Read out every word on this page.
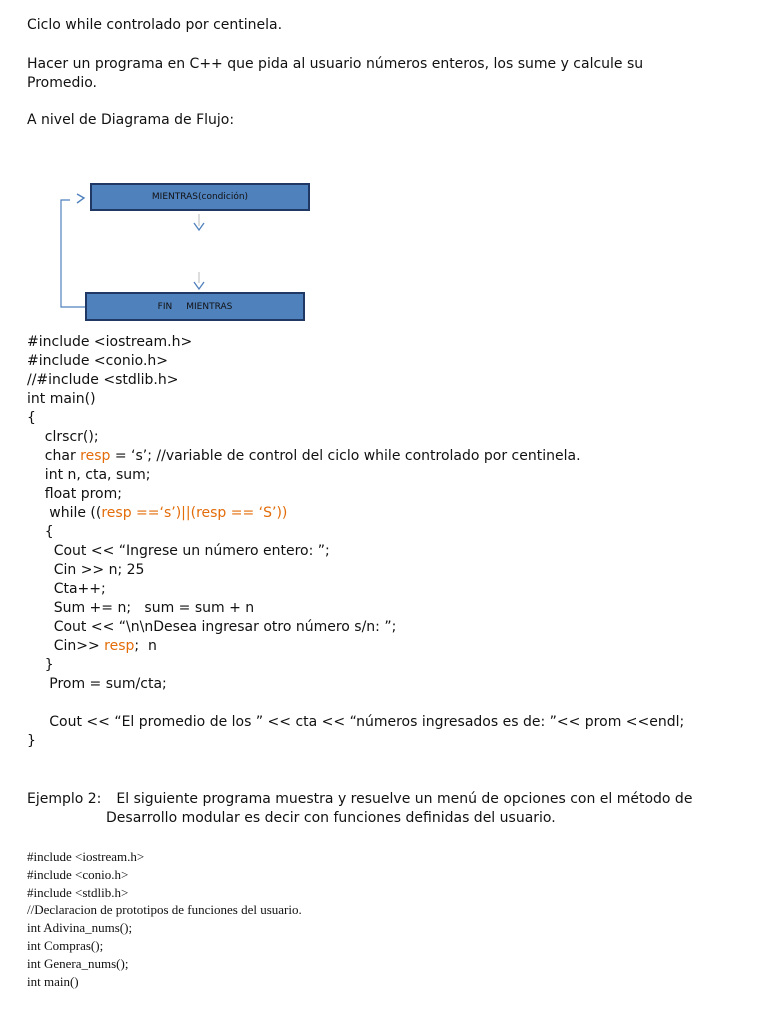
Ciclo while controlado por centinela.

Hacer un programa en C++ que pida al usuario números enteros, los sume y calcule su Promedio.

A nivel de Diagrama de Flujo:

MIENTRAS(condición)
FIN MIENTRAS
#include <iostream.h>
#include <conio.h>
//#include <stdlib.h>
int main()
{
clrscr();
char resp = ‘s’; //variable de control del ciclo while controlado por centinela.
int n, cta, sum;
float prom;
while ((resp ==‘s’)||(resp == ‘S’))
{
Cout << “Ingrese un número entero: ”;
Cin >> n; 25
Cta++;
Sum += n;   sum = sum + n
Cout << “\n\nDesea ingresar otro número s/n: ”;
Cin>> resp;  n
}
Prom = sum/cta;
Cout << “El promedio de los ” << cta << “números ingresados es de: ”<< prom <<endl;
}
Ejemplo 2: El siguiente programa muestra y resuelve un menú de opciones con el método de
Desarrollo modular es decir con funciones definidas del usuario.
#include <iostream.h>
#include <conio.h>
#include <stdlib.h>
//Declaracion de prototipos de funciones del usuario.
int Adivina_nums();
int Compras();
int Genera_nums();
int main()
